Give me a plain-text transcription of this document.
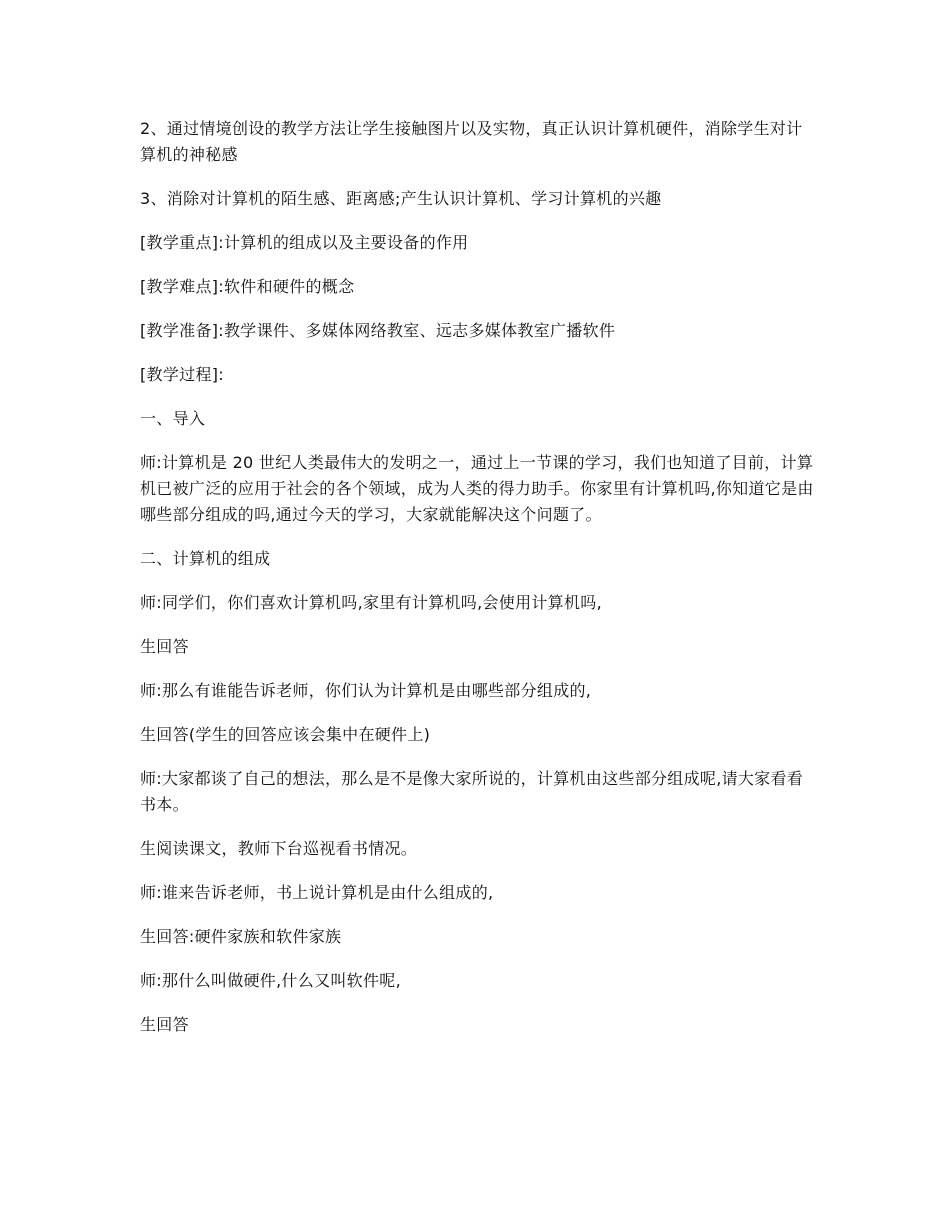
2、通过情境创设的教学方法让学生接触图片以及实物，真正认识计算机硬件，消除学生对计算机的神秘感

3、消除对计算机的陌生感、距离感;产生认识计算机、学习计算机的兴趣

[教学重点]:计算机的组成以及主要设备的作用

[教学难点]:软件和硬件的概念

[教学准备]:教学课件、多媒体网络教室、远志多媒体教室广播软件

[教学过程]:

一、导入

师:计算机是 20 世纪人类最伟大的发明之一，通过上一节课的学习，我们也知道了目前，计算机已被广泛的应用于社会的各个领域，成为人类的得力助手。你家里有计算机吗,你知道它是由哪些部分组成的吗,通过今天的学习，大家就能解决这个问题了。

二、计算机的组成

师:同学们，你们喜欢计算机吗,家里有计算机吗,会使用计算机吗,

生回答

师:那么有谁能告诉老师，你们认为计算机是由哪些部分组成的,

生回答(学生的回答应该会集中在硬件上)

师:大家都谈了自己的想法，那么是不是像大家所说的，计算机由这些部分组成呢,请大家看看书本。

生阅读课文，教师下台巡视看书情况。

师:谁来告诉老师，书上说计算机是由什么组成的,

生回答:硬件家族和软件家族

师:那什么叫做硬件,什么又叫软件呢,

生回答
